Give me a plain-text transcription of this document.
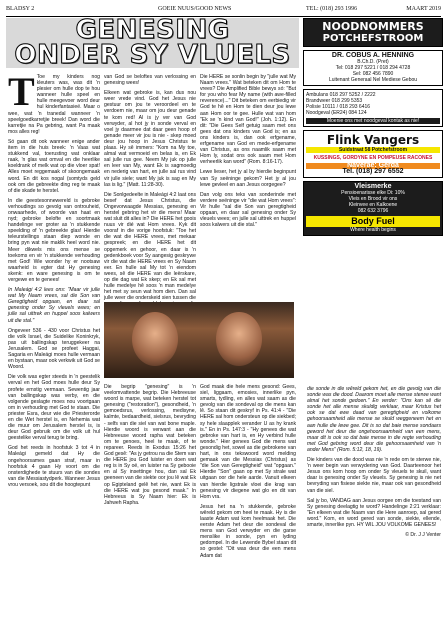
BLADSY 2	GOEIE NUUS/GOOD NEWS	TEL: (018) 293 1996	MAART 2019
GENESING
ONDER SY VLUELS

T Toe my kinders nog kleuters was, was dit 'n plesier om hulle dop te hou wanneer hulle speel en hulle meegevoer word deur hul kinderfantasieë. Maar o wee, wat 'n tranedal wanneer 'n speelgoedkarretjie breek! Dan word die karretjie na Pa gebring, want Pa maak mos alles reg!

Só gaan dit ook wanneer enige ander item in die huis breek: 'n Vaas wat stukkend val, toerusting wat onklaar raak, 'n glas wat omval en die heerlike koeldrank of melk wat op die vloer spat! Alles moet reggemaak of skoongemaak word. En dit kos nogal (somtyds geld ook om die gebreekte ding reg te maak of die skade te herstel.

In die geestesonnewereld is gebroke verhoudings so gevolg van ontrouheid, onwaarhede, of woorde van haat en nyd; gebroke belofte en soortmaak handelinge ver groter as 'n stukkende speelding of 'n gebreekte glas! Hierdie teleurstellings staan diep wonde en bring pyn wat nie maklik heel word nie. Meer dikwels mis ons mense se toekoms en vir 'n stukkende verhouding met God! Wie wonder hy er nootsaw waarheid is egter dat Hy genesing skenk: en ware genesing is om te vergewe en te genees!

In Maleági 4:2 lees ons: "Maar vir julle wat My Naam vrees, sal die Son van Geregtigheid opgaan, en daar sal genesing onder Sy vleuels wees; en julle sal uittrek en huppel soos kalwers uit die stal."

Ongeveer 536 - 430 voor Christus het die volk Israel, die Suidelike Koninkryk, pas uit ballingskap teruggekeer na Jerusalem. God se profeet Haggai, Sagaria en Maleági moes hulle vermaan en bystaan, maar ook verkwik uit God se Woord.

Die volk was egter steeds in 'n geestelik verval en het God moes hulle deur Sy profete ernstig vermaan. Sewentig jaar van ballingskap was verby, en die volgende geslagte moes nou voortgaan om in verhouding met God te staan. Die priester Esra, deur wie die Priesterorde en die Wet herstel is, en Nehemia wat die muur om Jerusalem herstel is, is deur God gebruik om die volk uit hul geestelike verval terug te bring.

God het reeds in hoofstuk 3 tot 4 in Maleági gemeld dat Hy die ongehoorsames gaan straf, maar in hoofstuk 4 gaan Hy voort om die onsterdighede te stuurs van die sondes van die Messiastydperk. Wanneer Jesus vrou versoek, sou dit die hoogtepunt

van God se beloftes van verlossing en genesing wees!

Elkeen wat gebroke is, kan dus nou weer vrede vind. God het Jesus nie gestuur om jou te veroordeel en te verdoem nie, maar om jou deur genade te kom red! Al is jy ver van God verwyder, al hot jy in sonde verval en voel jy daarmee dat daar geen hoop of genade meer vir jou is nie - skep moed deur jou hoop in Jesus Christus te plaas. Hy sê immers: "Kom na My toe, almal wat vermoeid en belas is, en Ek sal julle rus gee. Neem My juk op julle en leer van My, want Ek is sagmoedig en nederig van hart, en julle sal rus vind vir julle siele; want My juk is sag en My las is lig." (Matt. 11:28-30).

Die Sonlgedeelte in Maleági 4:2 laat ons besef dat Jesus Christus, die Ongevorwaagde Messias, genesing en herstel gebring het vir die mens! Maar wat sluit dit alles in? Die HERE het goois nuus vir dié wat Hom vrees. Kyk dit vooraf in die vorige hoofstuk: "Toe het die wat die HERE vrees, met mekaar gespreek; en die HERE het dit opgemerk en gehoor, en daar is 'n gedenkboek voor Sy aangesig geskrywe vir die wat die HERE vrees en Sy Naam eer. En hulle sal My tot 'n eiendom wees, sê die HERE van die leërskare, op die dag wat Ek skep; en Ek sal met hulle medelye hê soos 'n man medelye het met sy seun wat hom dien. Dan sal julle weer die onderskeid sien tussen die

Die HERE se sonlin begin by "julle wat My Naam vrees." Wat beteken dit om Hom te vrees? Die Amplified Bible bewys só: "But for you who fear My name (with awe-filled reverence)..." Dit beteken om eerbiedig vir God te hê en Hom te dien deur jou lewe aan Hom oor te gee. Hulle wat van hom "Ek se 'n kind van God!" (Joh. 1:12). En dit: "Die Gees Self getuig saam met ons gees dat ons kinders van God is; en as ons kinders is, dan ook erfgename, erfgename van God en mede-erfgename van Christus, as ons naamlik saam met Hom ly, sodat ons ook saam met Hom verheerlik kan word" (Rom. 8:16-17).

Lewe lieser, het jy al by hierdie beginpunt van Sy seëninge gekom? Het jy al jou lewe gevleel en aan Jesus oorgegee?

Dan volg ons teks van sonderinde met verdere seëninge vir "die wat Hom vrees": Vir hulle "sal die Son van geregtigheid opgaan, en daar sal genesing onder Sy vleuels wees; en julle sal uittrek en huppel soos kalwers uit die stal."

Die begrip "genesing" is 'n veelomvattende begrip. Die Hebreeuse woord is marpe, wat beteken herstel tot genesing ("restoration"), gesondheid, 'n gemoedsrus, verlossing, medisyne, kalmte, bedaardheid, sielsrus, bevryding - selfs van die siel van wat bone maple. Hierdie woord is verwant aan die Hebreeuse woord rapha wat beteken om te genoes, heel te maak, of te repareer. Reeds in Exodus 15:26 het God gesê: "As jy getrou na die Stem van die HERE jou God luister en doen wat reg is in Sy oë, en luister na Sy gebooie en al Sy insettinge hou, dan sal Ek geeneen van die siekte oor jou lê wat Ek op Egipteland gelê het nie, want Ek is die HERE wat jou gesond maak." In Hebreeus is Sy Naam hier: Ek is Jahweh Rapha.

God maak die hele mens gesond: Gees, siel, liggaam, emosies, innerlike pyn, smarts, tydling, en alles wat saam as die gevolg van die sondeval op die mens kan lê. So staan dit geskryf in Ps. 41:4 - "Die HERE sal hom ondersteun op die siekbed; sy hele slaapplek verander U as hy krank is." En in Ps. 147:3 - "Hy genees die wat gebroke van hart is, en Hy verbind hulle wonde." Hier genees God die mens wat gesondig het, sowel as die gebrokene van hart, in ons tekswoord word melding gemaak van die Messias (Christus) as "die Son van Geregtigheid" wat "opgaan." Hierdie "Son" gaan op met Sy strale wat uitgaan oor die hele aarde. Vanuit elkeen van hierdie ligstrale vloei die krag van genesing vir diegene wat glo en dit van Hom vra.

Jesus het na 'n stukkende, gebroke wêreld gekom om heel te maak. Hy is die laaste Adam wat kom heelmaak het. Die eerste Adam het deur die sondeval die mens van God verwyder en die garse menslike in sonde, pyn en lyding gedompel. In die Lewende Bybel staan dit so gestel: "Dit was deur die een mens Adam dat

die sonde in die wêreld gekom het, en die gevolg van die sonde was die dood. Daarom moet alle mense sterwe want almal het sonde gedoen." En verder: "Ons kan sê die sonde het alle mense skuldig verklaar, maar Kristus het ook se dat ewe daad van geregtigheid en volkome gehoorsaamheid alle mense se skuld weggeneem het en aan hulle die lewe gee. Dit is so dat baie mense sondaars geword het deur die ongehoorsaamheid van een mens, maar dit is ook so dat baie mense in die regte verhouding met God gebring word deur die gehoorsaamheid van 'n ander Mens" (Rom. 5:12, 18, 19).

Die kinders van die dood was nie 'n rede om te sterwe nie, 'n weer begin van verwydering van God. Daarteenoor het Jesus ons kom hoop om onder Sy vleuels te skuil, want daar is genesing onder Sy vleuels. Sy genesing is nie net bevryding van fisiese siekte nie, maar ook van gesondheid van die siel.

Sal jy bo, VANDAG aan Jesus oorgee om die toestand van Sy genesing deelagtig te word? Handelinge 2:21 verklaar: "En elkeen wat die Naam van die Here aanroep, sal gered word." Kom, en word gered van sonde, siekte, ellende, smarte, innerlike pyn. HY WIL JOU VOLKOME GENEES!

© Dr. J J Venter
NOODNOMMERS
POTCHEFSTROOM
DR. COBUS A. HENNING
B.Ch.D. (Pret)
Tel: 018 297 5221 / 018 294 4728
Sel: 082 456 7890
Luitenant Generaal Nel Mediese Gebou
Ambulans 018 297 5252 / 2222
Brandweer 018 299 5353
Polisie 10111 / 018 293 6416
Noodgeval (ER24) 084 124
Moenie ons met noodgeval kontak as nie!
Flink Vangers
Suidstraat 58 Potchefstroom
KUSSINGS, GORDYNE EN POMPEUSE RACONES
Naverae: Gerda
Tel. (018) 297 6552
Vleismerke
Pensioenarisse elke Di: 10%
Vleis en Brood vir ons
Kleinvee en Kalkoene
082 632 3796
Body Fuel
Where health begins
